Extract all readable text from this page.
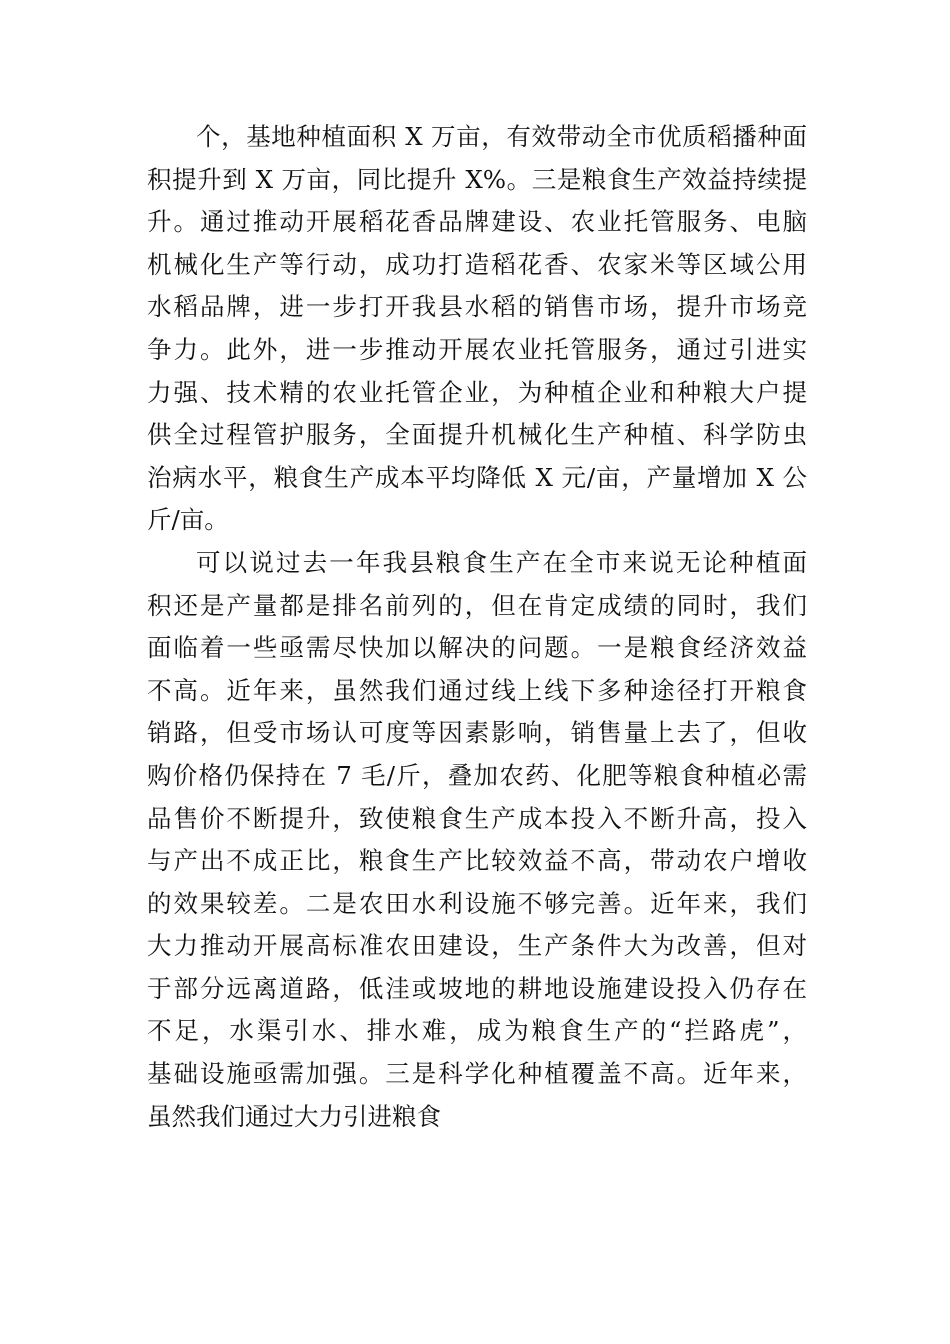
个，基地种植面积 X 万亩，有效带动全市优质稻播种面
积提升到 X 万亩，同比提升 X%。三是粮食生产效益持续提
升。通过推动开展稻花香品牌建设、农业托管服务、电脑
机械化生产等行动，成功打造稻花香、农家米等区域公用
水稻品牌，进一步打开我县水稻的销售市场，提升市场竞
争力。此外，进一步推动开展农业托管服务，通过引进实
力强、技术精的农业托管企业，为种植企业和种粮大户提
供全过程管护服务，全面提升机械化生产种植、科学防虫
治病水平，粮食生产成本平均降低 X 元/亩，产量增加 X 公
斤/亩。
可以说过去一年我县粮食生产在全市来说无论种植面
积还是产量都是排名前列的，但在肯定成绩的同时，我们
面临着一些亟需尽快加以解决的问题。一是粮食经济效益
不高。近年来，虽然我们通过线上线下多种途径打开粮食
销路，但受市场认可度等因素影响，销售量上去了，但收
购价格仍保持在 7 毛/斤，叠加农药、化肥等粮食种植必需
品售价不断提升，致使粮食生产成本投入不断升高，投入
与产出不成正比，粮食生产比较效益不高，带动农户增收
的效果较差。二是农田水利设施不够完善。近年来，我们
大力推动开展高标准农田建设，生产条件大为改善，但对
于部分远离道路，低洼或坡地的耕地设施建设投入仍存在
不足，水渠引水、排水难，成为粮食生产的“拦路虎”，
基础设施亟需加强。三是科学化种植覆盖不高。近年来，
虽然我们通过大力引进粮食
